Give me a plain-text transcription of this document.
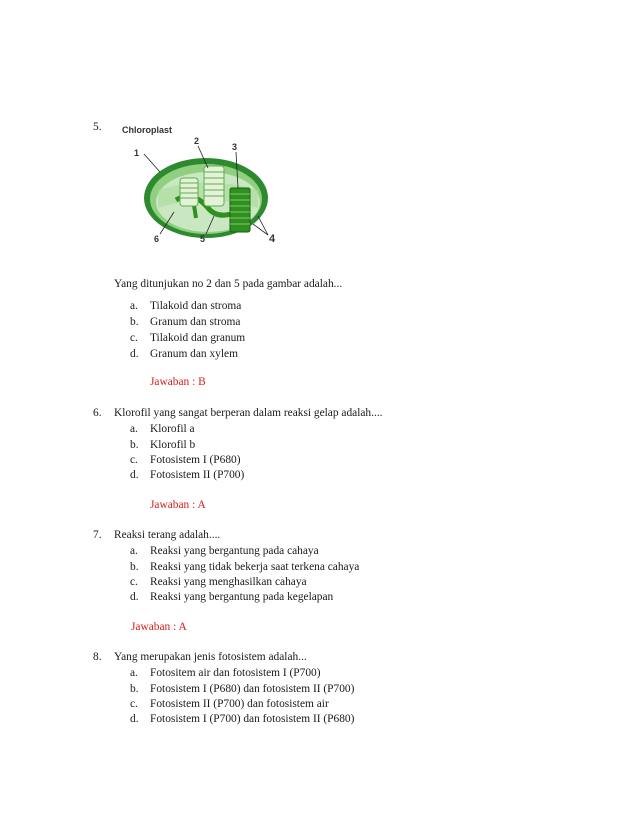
5. Chloroplast
1
2
3
4
5
6
Yang ditunjukan no 2 dan 5 pada gambar adalah...
a. Tilakoid dan stroma
b. Granum dan stroma
c. Tilakoid dan granum
d. Granum dan xylem
Jawaban : B
6. Klorofil yang sangat berperan dalam reaksi gelap adalah....
a. Klorofil a
b. Klorofil b
c. Fotosistem I (P680)
d. Fotosistem II (P700)
Jawaban : A
7. Reaksi terang adalah....
a. Reaksi yang bergantung pada cahaya
b. Reaksi yang tidak bekerja saat terkena cahaya
c. Reaksi yang menghasilkan cahaya
d. Reaksi yang bergantung pada kegelapan
Jawaban : A
8. Yang merupakan jenis fotosistem adalah...
a. Fotositem air dan fotosistem I (P700)
b. Fotosistem I (P680) dan fotosistem II (P700)
c. Fotosistem II (P700) dan fotosistem air
d. Fotosistem I (P700) dan fotosistem II (P680)
